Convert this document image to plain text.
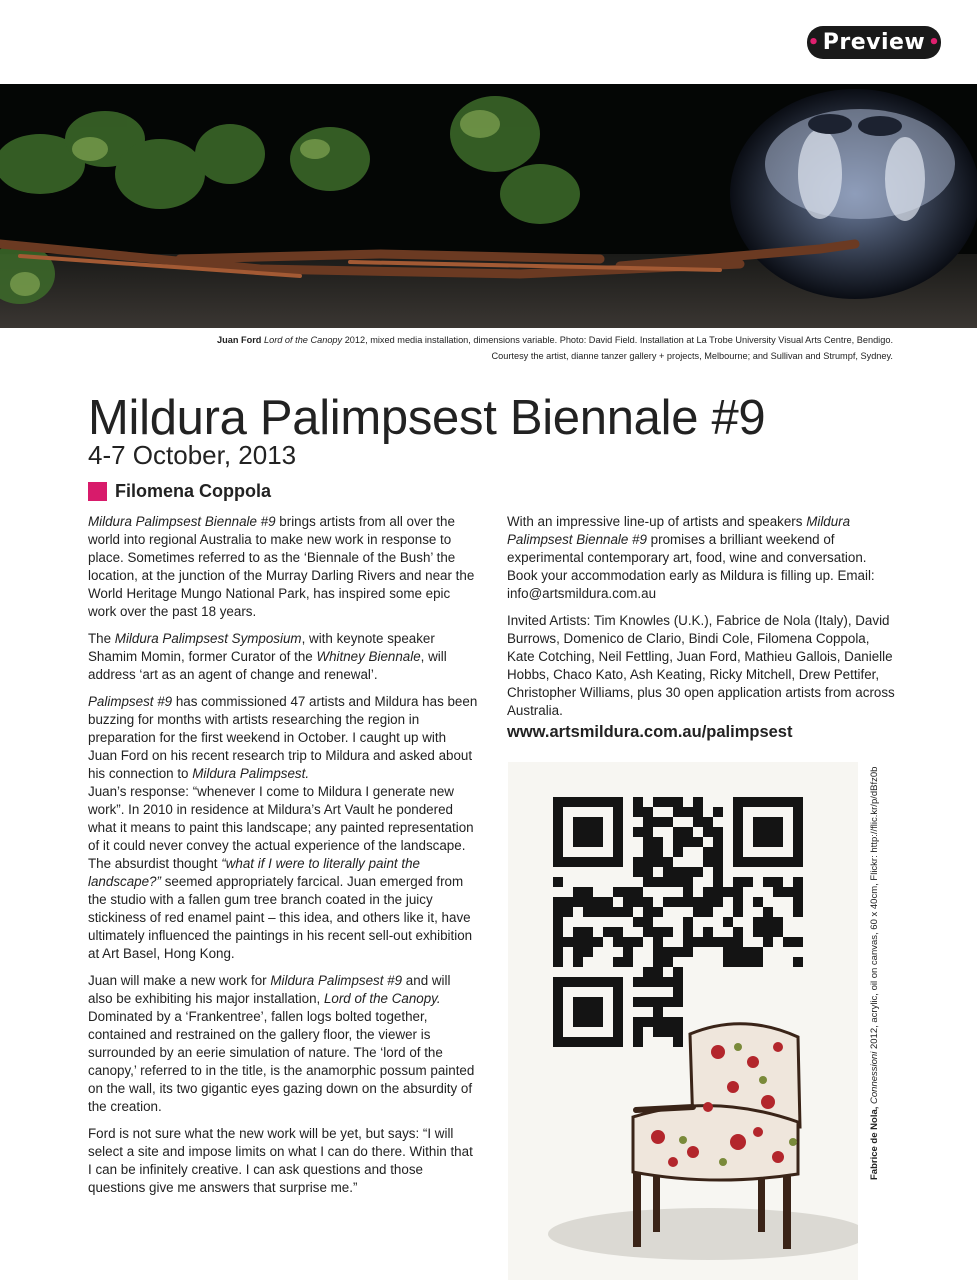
• Preview •
Juan Ford Lord of the Canopy 2012, mixed media installation, dimensions variable. Photo: David Field. Installation at La Trobe University Visual Arts Centre, Bendigo.
Courtesy the artist, dianne tanzer gallery + projects, Melbourne; and Sullivan and Strumpf, Sydney.
Mildura Palimpsest Biennale #9
4-7 October, 2013
Filomena Coppola

Mildura Palimpsest Biennale #9 brings artists from all over the world into regional Australia to make new work in response to place. Sometimes referred to as the ‘Biennale of the Bush’ the location, at the junction of the Murray Darling Rivers and near the World Heritage Mungo National Park, has inspired some epic work over the past 18 years.

The Mildura Palimpsest Symposium, with keynote speaker Shamim Momin, former Curator of the Whitney Biennale, will address ‘art as an agent of change and renewal’.

Palimpsest #9 has commissioned 47 artists and Mildura has been buzzing for months with artists researching the region in preparation for the first weekend in October. I caught up with Juan Ford on his recent research trip to Mildura and asked about his connection to Mildura Palimpsest.
Juan’s response: “whenever I come to Mildura I generate new work”. In 2010 in residence at Mildura’s Art Vault he pondered what it means to paint this landscape; any painted representation of it could never convey the actual experience of the landscape. The absurdist thought “what if I were to literally paint the landscape?” seemed appropriately farcical. Juan emerged from the studio with a fallen gum tree branch coated in the juicy stickiness of red enamel paint – this idea, and others like it, have ultimately influenced the paintings in his recent sell-out exhibition at Art Basel, Hong Kong.

Juan will make a new work for Mildura Palimpsest #9 and will also be exhibiting his major installation, Lord of the Canopy. Dominated by a ‘Frankentree’, fallen logs bolted together, contained and restrained on the gallery floor, the viewer is surrounded by an eerie simulation of nature. The ‘lord of the canopy,’ referred to in the title, is the anamorphic possum painted on the wall, its two gigantic eyes gazing down on the absurdity of the creation.

Ford is not sure what the new work will be yet, but says: “I will select a site and impose limits on what I can do there. Within that I can be infinitely creative. I can ask questions and those questions give me answers that surprise me.”

With an impressive line-up of artists and speakers Mildura Palimpsest Biennale #9 promises a brilliant weekend of experimental contemporary art, food, wine and conversation. Book your accommodation early as Mildura is filling up. Email: info@artsmildura.com.au

Invited Artists: Tim Knowles (U.K.), Fabrice de Nola (Italy), David Burrows, Domenico de Clario, Bindi Cole, Filomena Coppola, Kate Cotching, Neil Fettling, Juan Ford, Mathieu Gallois, Danielle Hobbs, Chaco Kato, Ash Keating, Ricky Mitchell, Drew Pettifer, Christopher Williams, plus 30 open application artists from across Australia.

www.artsmildura.com.au/palimpsest
Fabrice de Nola, Connessioni 2012, acrylic, oil on canvas, 60 x 40cm, Flickr: http://flic.kr/p/dBfz0b
